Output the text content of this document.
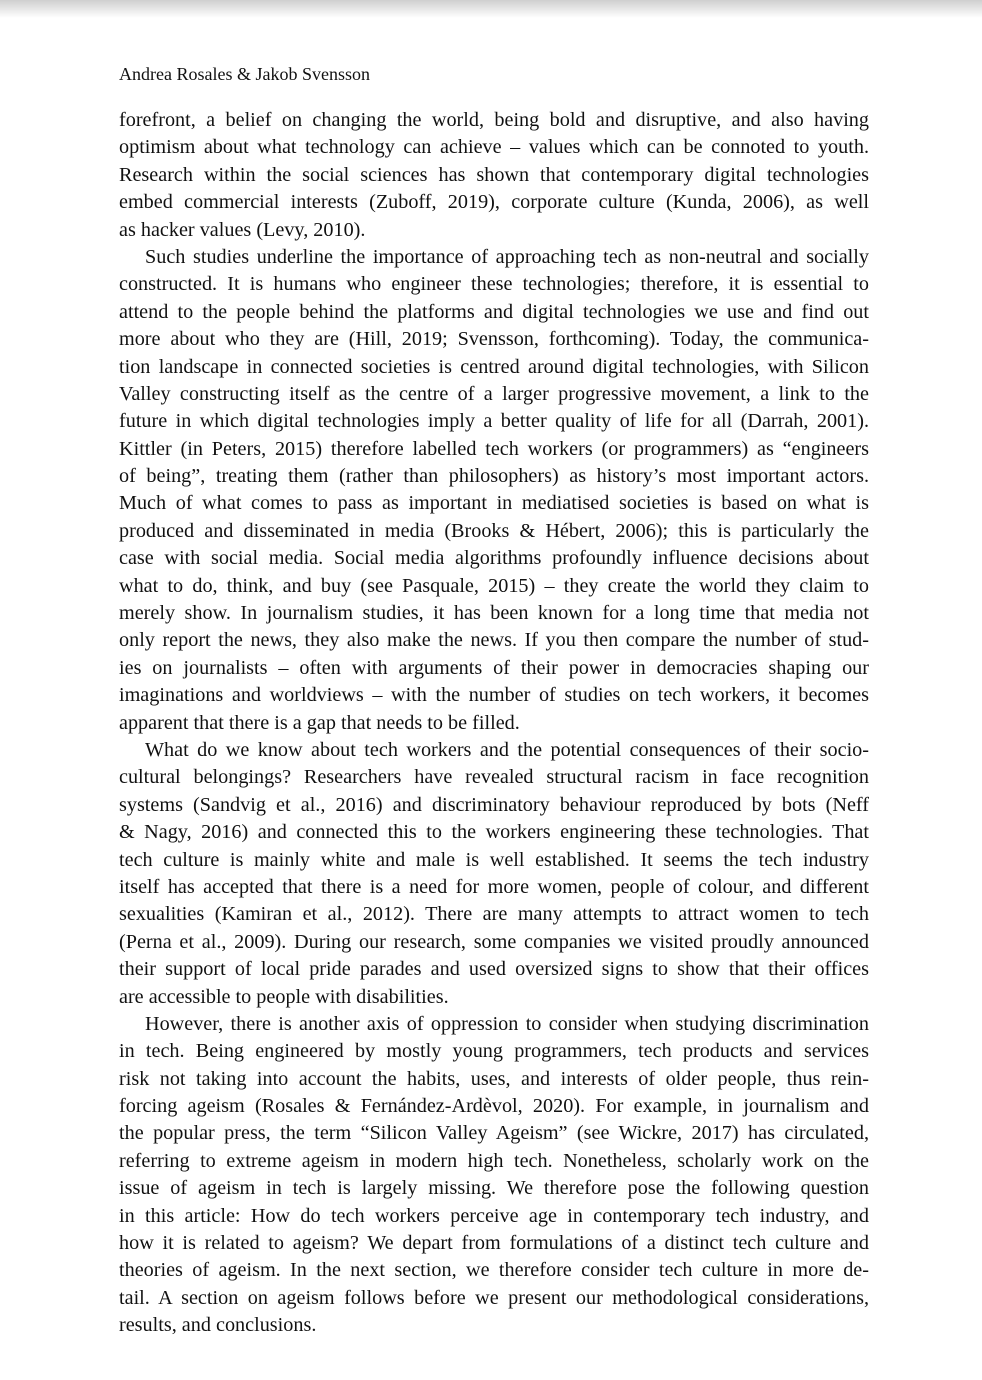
Andrea Rosales & Jakob Svensson
forefront, a belief on changing the world, being bold and disruptive, and also having
optimism about what technology can achieve – values which can be connoted to youth.
Research within the social sciences has shown that contemporary digital technologies
embed commercial interests (Zuboff, 2019), corporate culture (Kunda, 2006), as well
as hacker values (Levy, 2010).
Such studies underline the importance of approaching tech as non-neutral and socially
constructed. It is humans who engineer these technologies; therefore, it is essential to
attend to the people behind the platforms and digital technologies we use and find out
more about who they are (Hill, 2019; Svensson, forthcoming). Today, the communica-
tion landscape in connected societies is centred around digital technologies, with Silicon
Valley constructing itself as the centre of a larger progressive movement, a link to the
future in which digital technologies imply a better quality of life for all (Darrah, 2001).
Kittler (in Peters, 2015) therefore labelled tech workers (or programmers) as “engineers
of being”, treating them (rather than philosophers) as history’s most important actors.
Much of what comes to pass as important in mediatised societies is based on what is
produced and disseminated in media (Brooks & Hébert, 2006); this is particularly the
case with social media. Social media algorithms profoundly influence decisions about
what to do, think, and buy (see Pasquale, 2015) – they create the world they claim to
merely show. In journalism studies, it has been known for a long time that media not
only report the news, they also make the news. If you then compare the number of stud-
ies on journalists – often with arguments of their power in democracies shaping our
imaginations and worldviews – with the number of studies on tech workers, it becomes
apparent that there is a gap that needs to be filled.
What do we know about tech workers and the potential consequences of their socio-
cultural belongings? Researchers have revealed structural racism in face recognition
systems (Sandvig et al., 2016) and discriminatory behaviour reproduced by bots (Neff
& Nagy, 2016) and connected this to the workers engineering these technologies. That
tech culture is mainly white and male is well established. It seems the tech industry
itself has accepted that there is a need for more women, people of colour, and different
sexualities (Kamiran et al., 2012). There are many attempts to attract women to tech
(Perna et al., 2009). During our research, some companies we visited proudly announced
their support of local pride parades and used oversized signs to show that their offices
are accessible to people with disabilities.
However, there is another axis of oppression to consider when studying discrimination
in tech. Being engineered by mostly young programmers, tech products and services
risk not taking into account the habits, uses, and interests of older people, thus rein-
forcing ageism (Rosales & Fernández-Ardèvol, 2020). For example, in journalism and
the popular press, the term “Silicon Valley Ageism” (see Wickre, 2017) has circulated,
referring to extreme ageism in modern high tech. Nonetheless, scholarly work on the
issue of ageism in tech is largely missing. We therefore pose the following question
in this article: How do tech workers perceive age in contemporary tech industry, and
how it is related to ageism? We depart from formulations of a distinct tech culture and
theories of ageism. In the next section, we therefore consider tech culture in more de-
tail. A section on ageism follows before we present our methodological considerations,
results, and conclusions.
